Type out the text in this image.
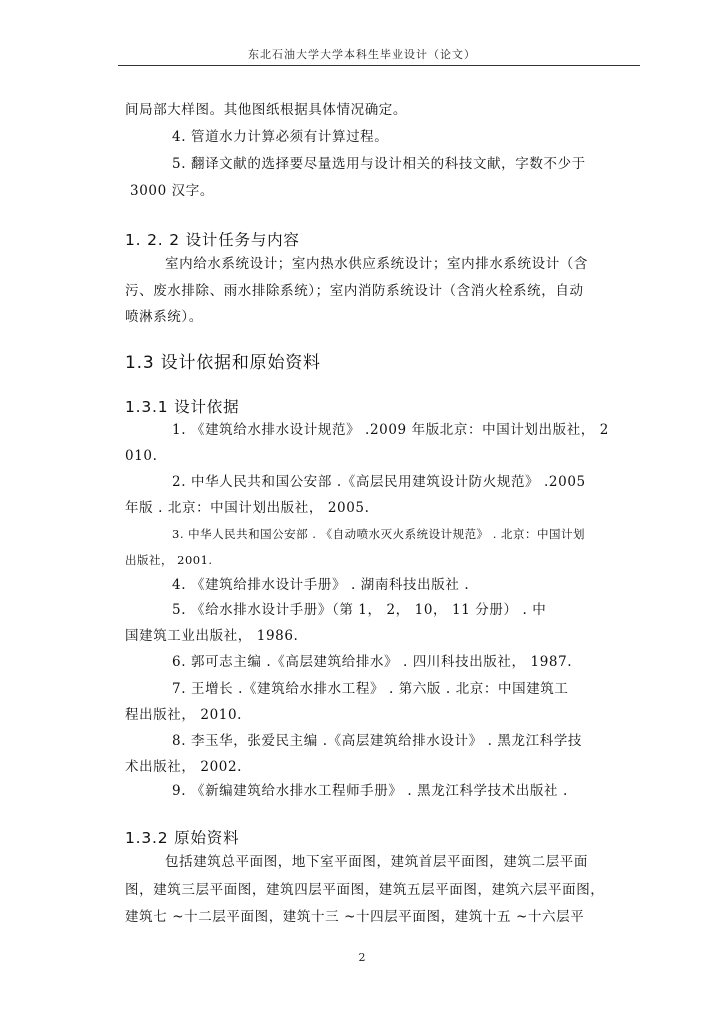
东北石油大学大学本科生毕业设计（论文）
间局部大样图。其他图纸根据具体情况确定。
4. 管道水力计算必须有计算过程。
5. 翻译文献的选择要尽量选用与设计相关的科技文献，字数不少于
3000 汉字。
1. 2. 2 设计任务与内容
室内给水系统设计；室内热水供应系统设计；室内排水系统设计（含
污、废水排除、雨水排除系统）；室内消防系统设计（含消火栓系统，自动
喷淋系统）。
1.3 设计依据和原始资料
1.3.1 设计依据
1. 《建筑给水排水设计规范》 .2009 年版北京：中国计划出版社， 2
010.
2. 中华人民共和国公安部 .《高层民用建筑设计防火规范》 .2005
年版 . 北京：中国计划出版社， 2005.
3. 中华人民共和国公安部 . 《自动喷水灭火系统设计规范》 . 北京：中国计划
出版社， 2001.
4. 《建筑给排水设计手册》 . 湖南科技出版社 .
5. 《给水排水设计手册》（第 1， 2， 10， 11 分册） . 中
国建筑工业出版社， 1986.
6. 郭可志主编 .《高层建筑给排水》 . 四川科技出版社， 1987.
7. 王增长 .《建筑给水排水工程》 . 第六版 . 北京：中国建筑工
程出版社， 2010.
8. 李玉华，张爱民主编 .《高层建筑给排水设计》 . 黑龙江科学技
术出版社， 2002.
9. 《新编建筑给水排水工程师手册》 . 黑龙江科学技术出版社 .
1.3.2 原始资料
包括建筑总平面图，地下室平面图，建筑首层平面图，建筑二层平面
图，建筑三层平面图，建筑四层平面图，建筑五层平面图，建筑六层平面图，
建筑七 ~十二层平面图，建筑十三 ~十四层平面图，建筑十五 ~十六层平
2
